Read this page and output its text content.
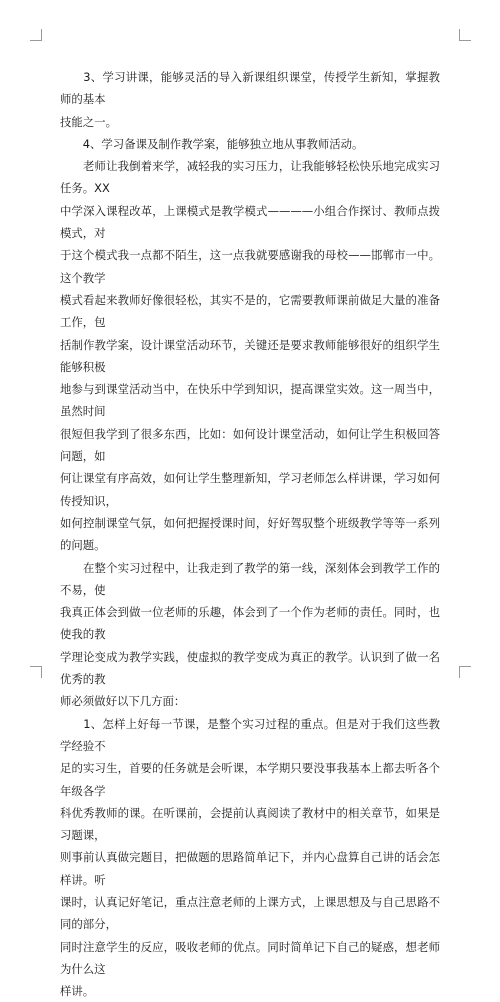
　　3、学习讲课，能够灵活的导入新课组织课堂，传授学生新知，掌握教师的基本
技能之一。

　　4、学习备课及制作教学案，能够独立地从事教师活动。

　　老师让我倒着来学，减轻我的实习压力，让我能够轻松快乐地完成实习任务。XX
中学深入课程改革，上课模式是教学模式————小组合作探讨、教师点拨模式，对
于这个模式我一点都不陌生，这一点我就要感谢我的母校——邯郸市一中。这个教学
模式看起来教师好像很轻松，其实不是的，它需要教师课前做足大量的准备工作，包
括制作教学案，设计课堂活动环节，关键还是要求教师能够很好的组织学生能够积极
地参与到课堂活动当中，在快乐中学到知识，提高课堂实效。这一周当中，虽然时间
很短但我学到了很多东西，比如：如何设计课堂活动，如何让学生积极回答问题，如
何让课堂有序高效，如何让学生整理新知，学习老师怎么样讲课，学习如何传授知识，
如何控制课堂气氛，如何把握授课时间，好好驾驭整个班级教学等等一系列的问题。

　　在整个实习过程中，让我走到了教学的第一线，深刻体会到教学工作的不易，使
我真正体会到做一位老师的乐趣，体会到了一个作为老师的责任。同时，也使我的教
学理论变成为教学实践，使虚拟的教学变成为真正的教学。认识到了做一名优秀的教
师必须做好以下几方面：

　　1、怎样上好每一节课，是整个实习过程的重点。但是对于我们这些教学经验不
足的实习生，首要的任务就是会听课，本学期只要没事我基本上都去听各个年级各学
科优秀教师的课。在听课前，会提前认真阅读了教材中的相关章节，如果是习题课，
则事前认真做完题目，把做题的思路简单记下，并内心盘算自己讲的话会怎样讲。听
课时，认真记好笔记，重点注意老师的上课方式，上课思想及与自己思路不同的部分，
同时注意学生的反应，吸收老师的优点。同时简单记下自己的疑惑，想老师为什么这
样讲。
